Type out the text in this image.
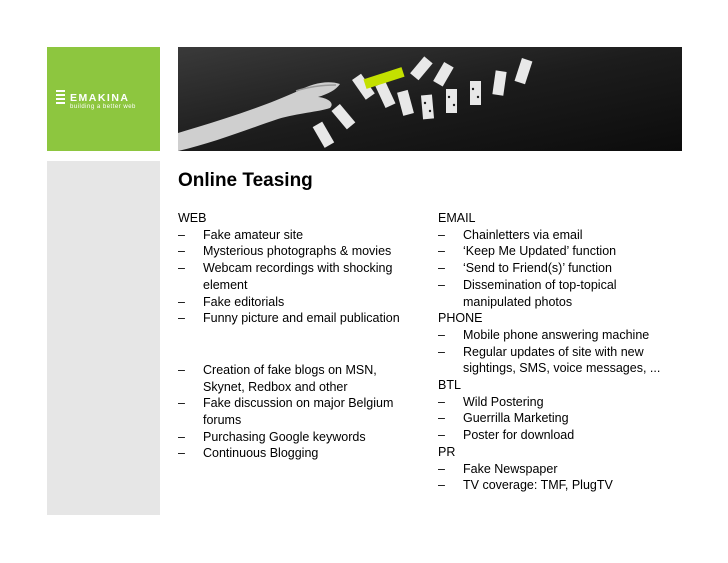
EMAKINA
building a better web
Online Teasing

WEB

– Fake amateur site

– Mysterious photographs & movies

– Webcam recordings with shocking element

– Fake editorials

– Funny picture and email publication

– Creation of fake blogs on MSN, Skynet, Redbox and other

– Fake discussion on major Belgium forums

– Purchasing Google keywords

– Continuous Blogging

EMAIL

– Chainletters via email

– ‘Keep Me Updated’ function

– ‘Send to Friend(s)’ function

– Dissemination of top-topical manipulated photos

PHONE

– Mobile phone answering machine

– Regular updates of site with new sightings, SMS, voice messages, ...

BTL

– Wild Postering

– Guerrilla Marketing

– Poster for download

PR

– Fake Newspaper

– TV coverage: TMF, PlugTV
